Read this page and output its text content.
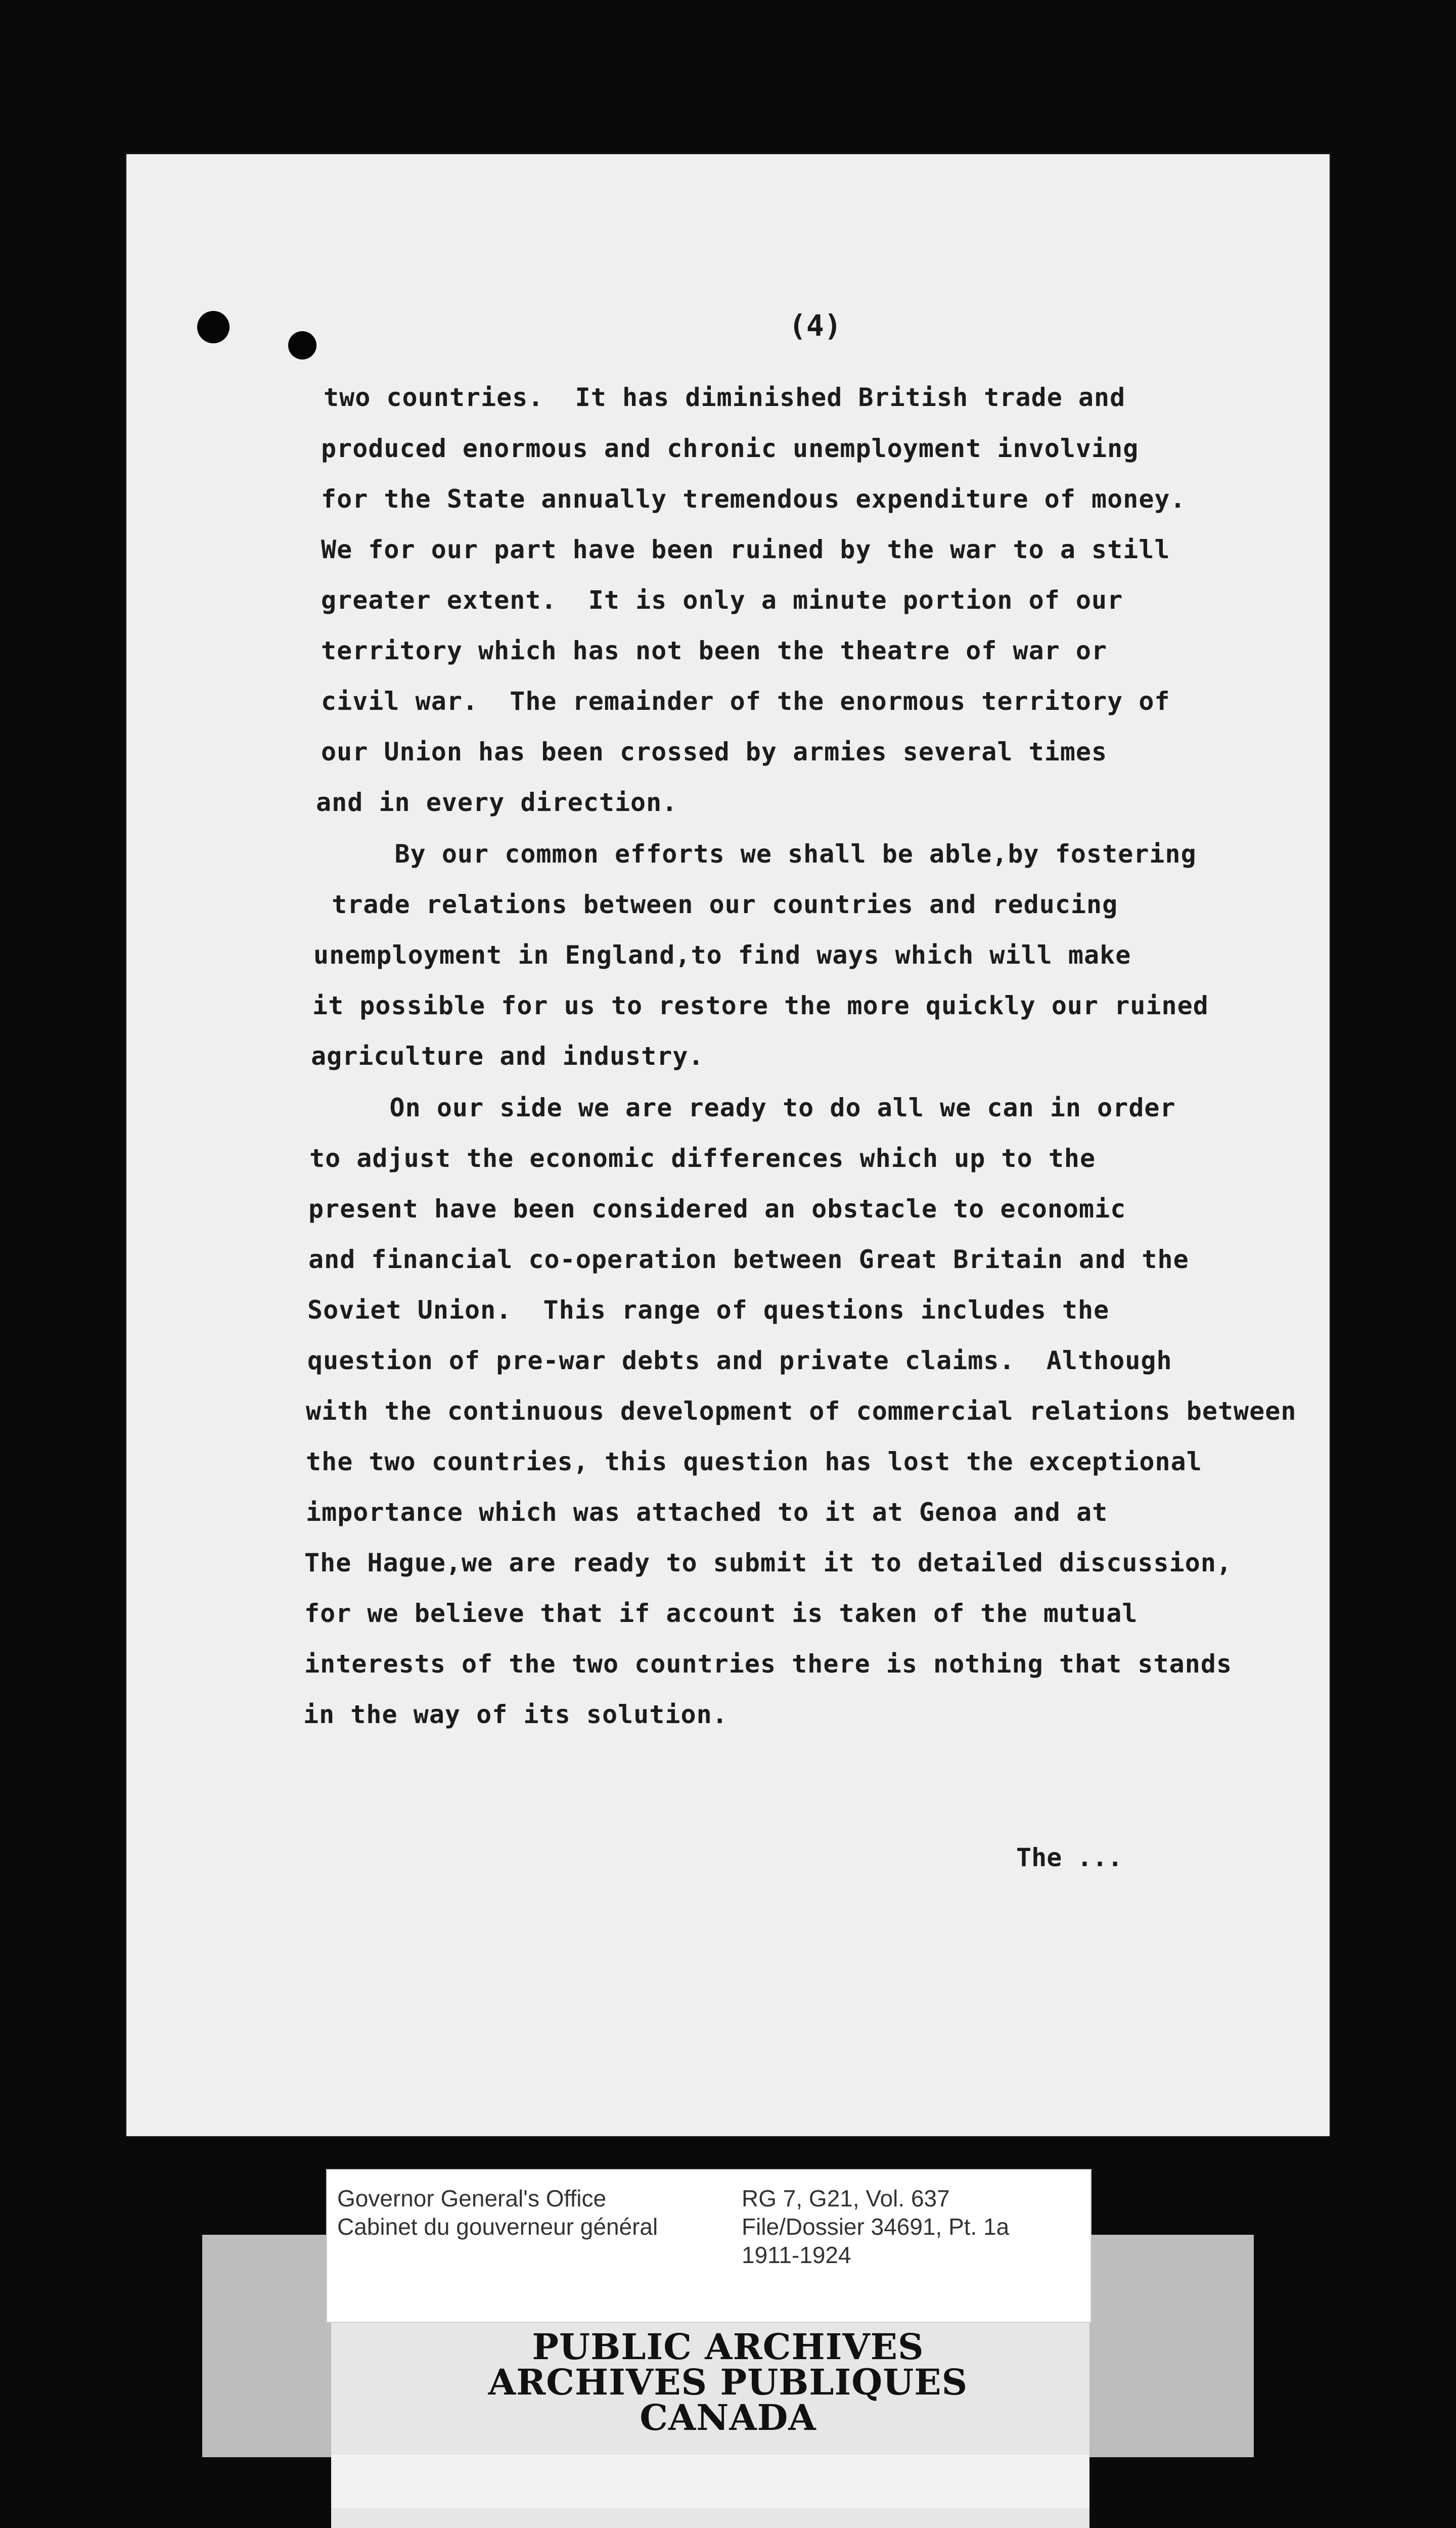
(4)
two countries.  It has diminished British trade and
produced enormous and chronic unemployment involving
for the State annually tremendous expenditure of money.
We for our part have been ruined by the war to a still
greater extent.  It is only a minute portion of our
territory which has not been the theatre of war or
civil war.  The remainder of the enormous territory of
our Union has been crossed by armies several times
and in every direction.
By our common efforts we shall be able,by fostering
trade relations between our countries and reducing
unemployment in England,to find ways which will make
it possible for us to restore the more quickly our ruined
agriculture and industry.
On our side we are ready to do all we can in order
to adjust the economic differences which up to the
present have been considered an obstacle to economic
and financial co-operation between Great Britain and the
Soviet Union.  This range of questions includes the
question of pre-war debts and private claims.  Although
with the continuous development of commercial relations between
the two countries, this question has lost the exceptional
importance which was attached to it at Genoa and at
The Hague,we are ready to submit it to detailed discussion,
for we believe that if account is taken of the mutual
interests of the two countries there is nothing that stands
in the way of its solution.
The ...
Governor General's Office
Cabinet du gouverneur général
RG 7, G21, Vol. 637
File/Dossier 34691, Pt. 1a
1911-1924
PUBLIC ARCHIVES
ARCHIVES PUBLIQUES
CANADA
